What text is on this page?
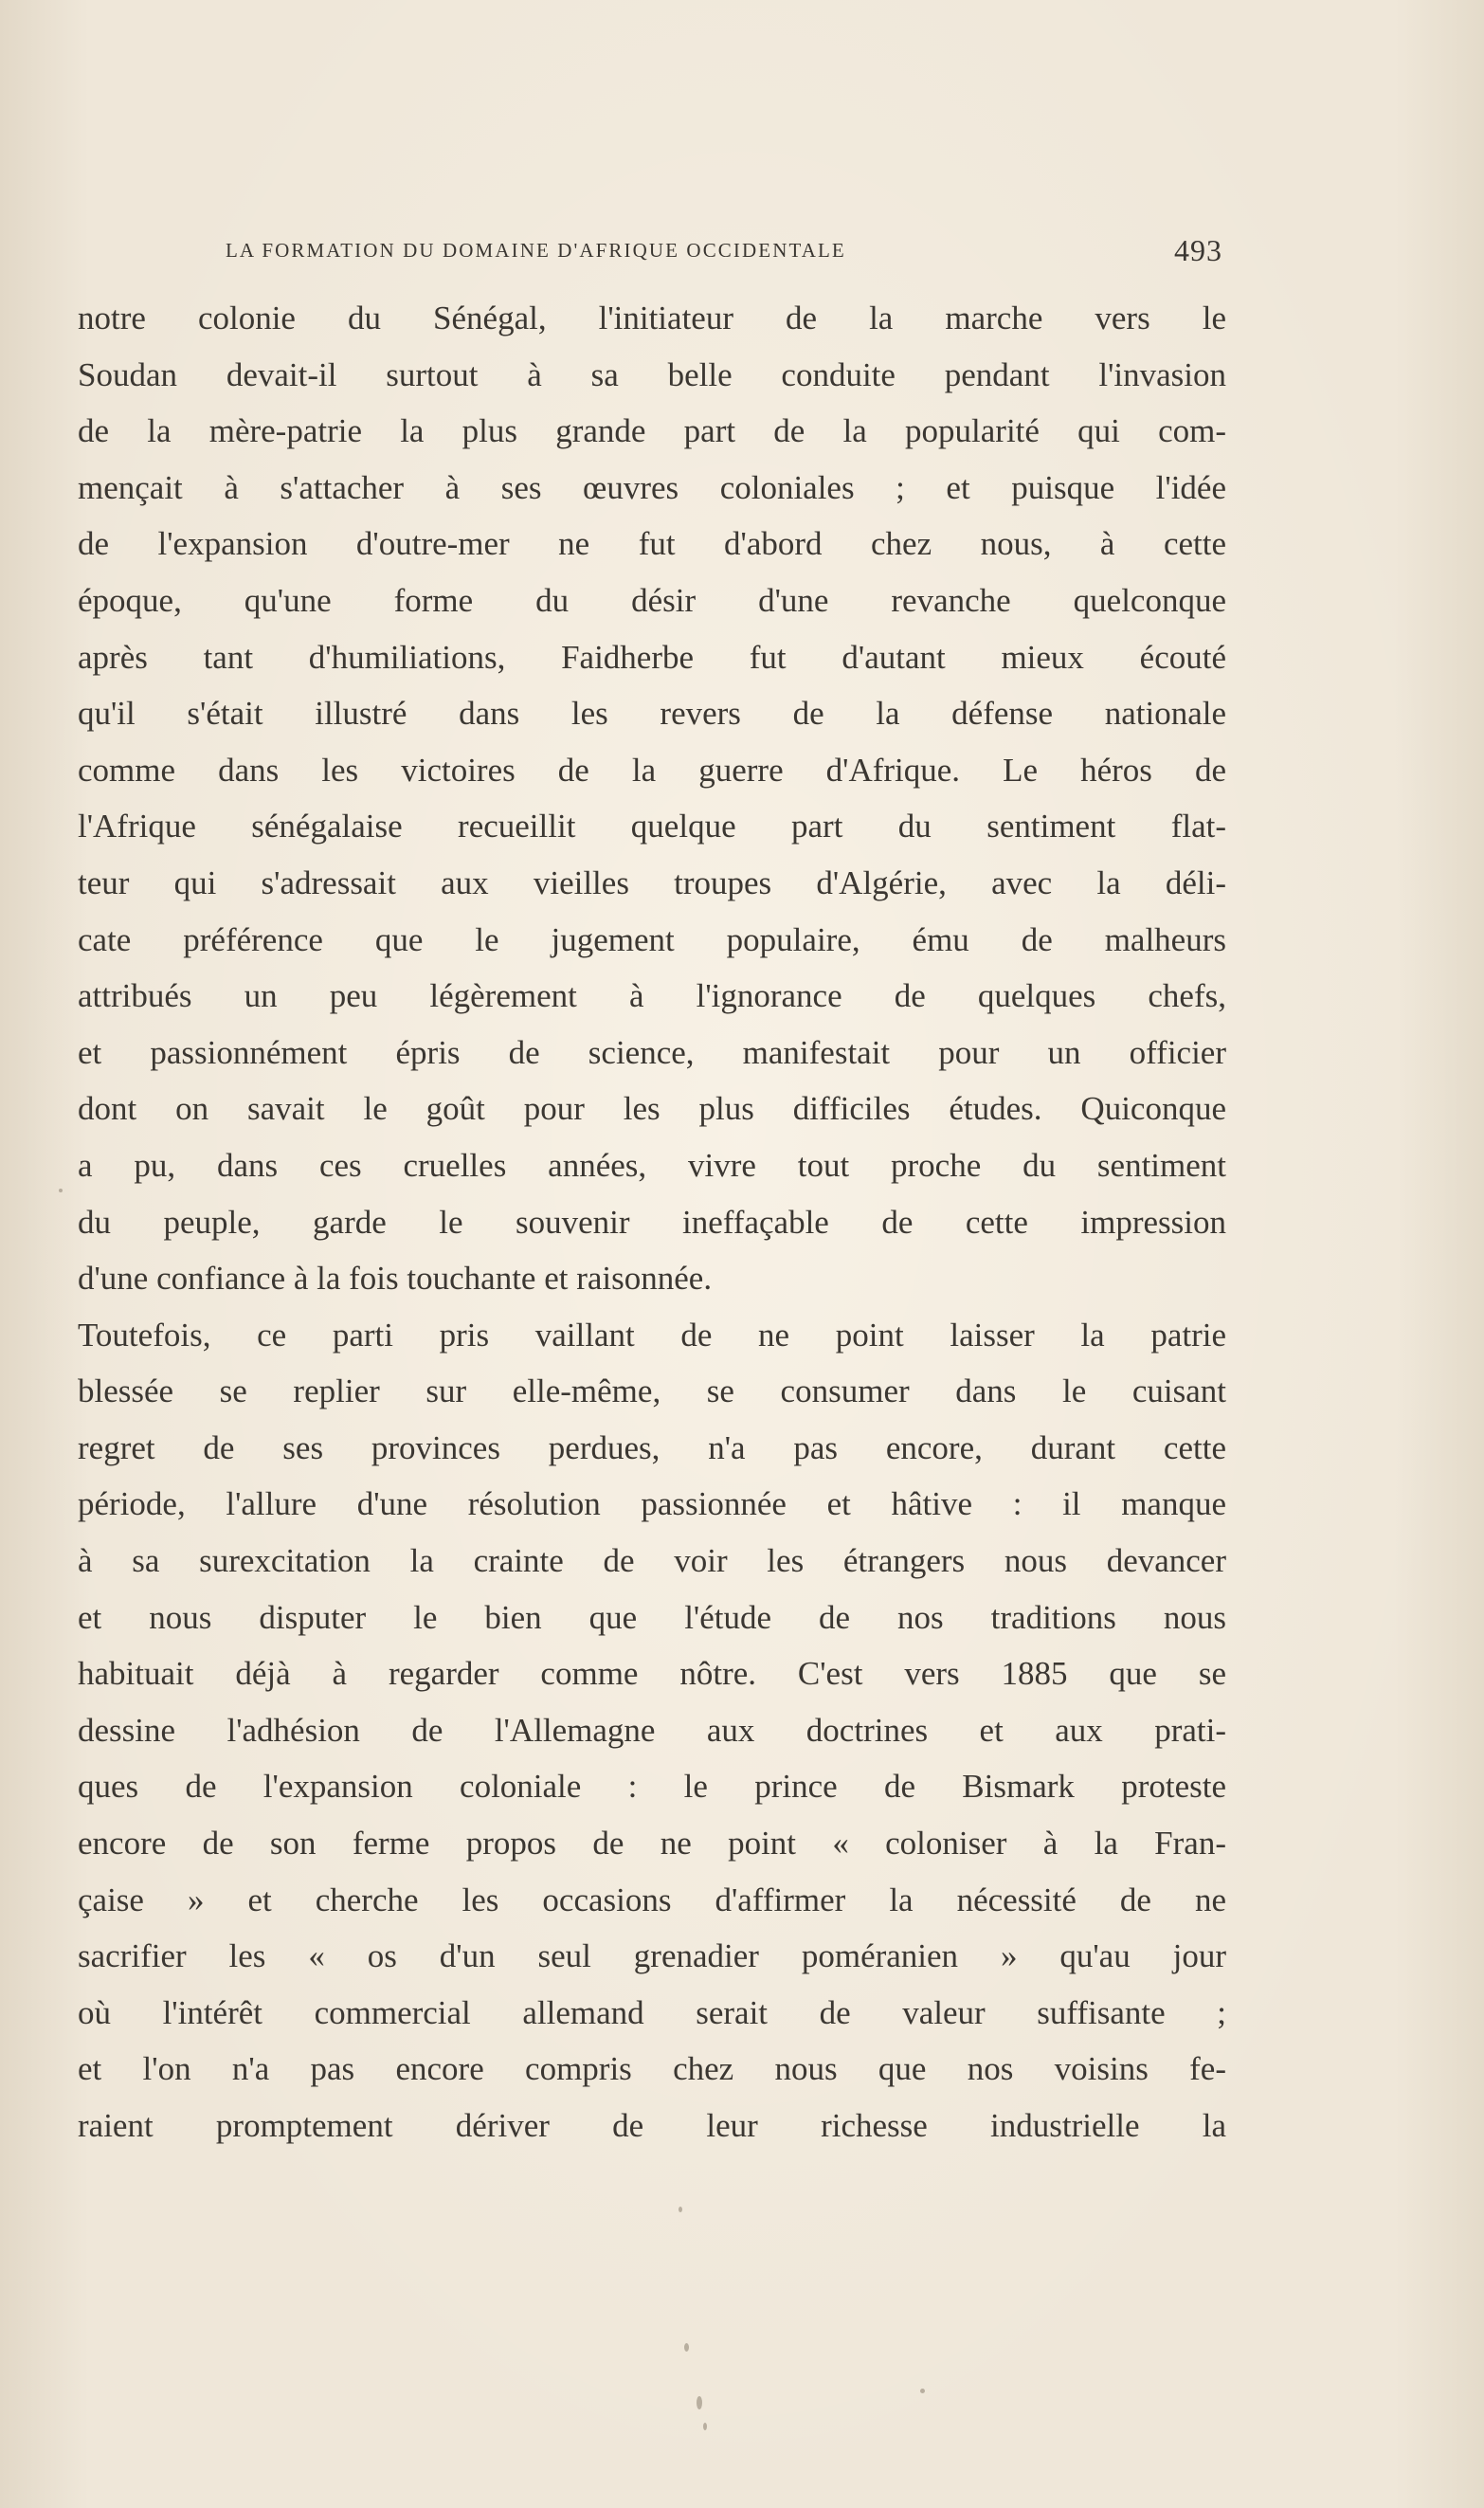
LA FORMATION DU DOMAINE D'AFRIQUE OCCIDENTALE	493
notre colonie du Sénégal, l'initiateur de la marche vers le
Soudan devait-il surtout à sa belle conduite pendant l'invasion
de la mère-patrie la plus grande part de la popularité qui com-
mençait à s'attacher à ses œuvres coloniales ; et puisque l'idée
de l'expansion d'outre-mer ne fut d'abord chez nous, à cette
époque, qu'une forme du désir d'une revanche quelconque
après tant d'humiliations, Faidherbe fut d'autant mieux écouté
qu'il s'était illustré dans les revers de la défense nationale
comme dans les victoires de la guerre d'Afrique. Le héros de
l'Afrique sénégalaise recueillit quelque part du sentiment flat-
teur qui s'adressait aux vieilles troupes d'Algérie, avec la déli-
cate préférence que le jugement populaire, ému de malheurs
attribués un peu légèrement à l'ignorance de quelques chefs,
et passionnément épris de science, manifestait pour un officier
dont on savait le goût pour les plus difficiles études. Quiconque
a pu, dans ces cruelles années, vivre tout proche du sentiment
du peuple, garde le souvenir ineffaçable de cette impression
d'une confiance à la fois touchante et raisonnée.
Toutefois, ce parti pris vaillant de ne point laisser la patrie
blessée se replier sur elle-même, se consumer dans le cuisant
regret de ses provinces perdues, n'a pas encore, durant cette
période, l'allure d'une résolution passionnée et hâtive : il manque
à sa surexcitation la crainte de voir les étrangers nous devancer
et nous disputer le bien que l'étude de nos traditions nous
habituait déjà à regarder comme nôtre. C'est vers 1885 que se
dessine l'adhésion de l'Allemagne aux doctrines et aux prati-
ques de l'expansion coloniale : le prince de Bismark proteste
encore de son ferme propos de ne point « coloniser à la Fran-
çaise » et cherche les occasions d'affirmer la nécessité de ne
sacrifier les « os d'un seul grenadier poméranien » qu'au jour
où l'intérêt commercial allemand serait de valeur suffisante ;
et l'on n'a pas encore compris chez nous que nos voisins fe-
raient promptement dériver de leur richesse industrielle la
